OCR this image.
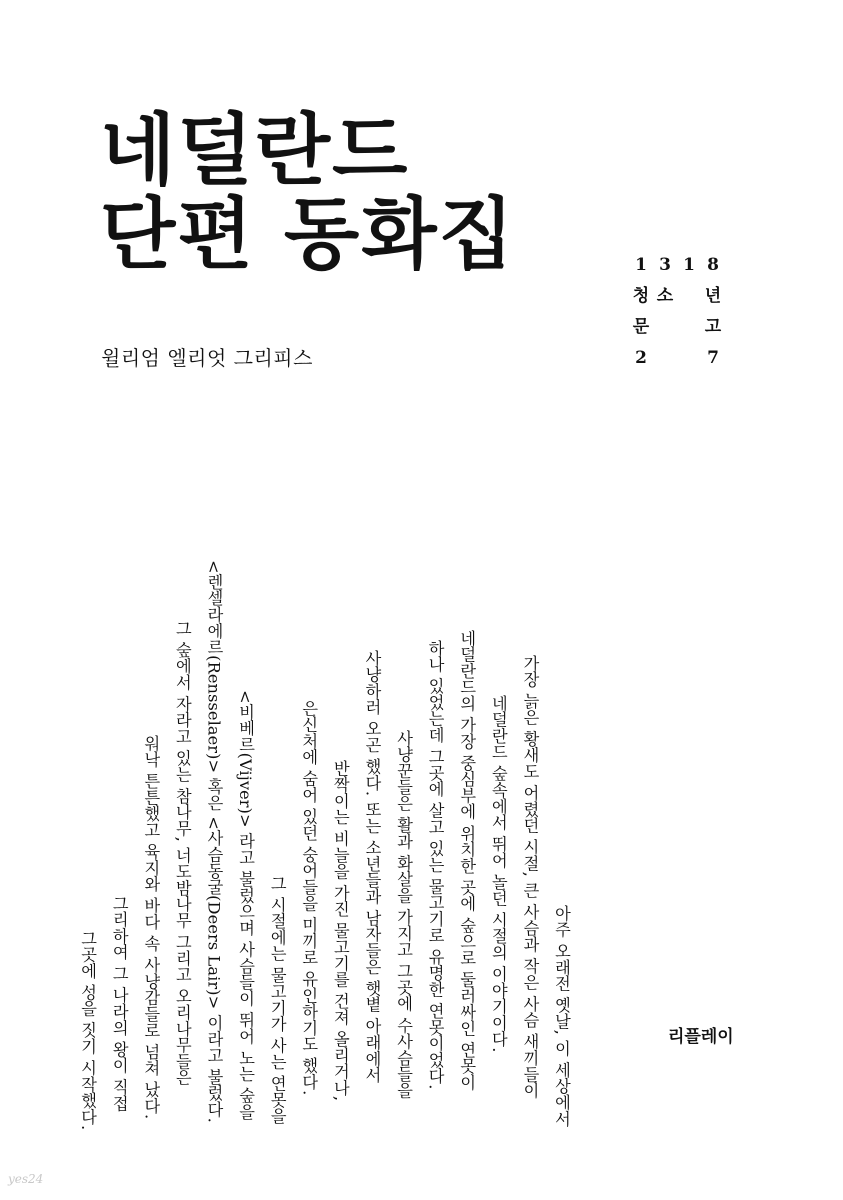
네덜란드
단편 동화집
윌리엄 엘리엇 그리피스
1 3 1 8
청 소 년
문	고
2	7
아주 오래전 옛날, 이 세상에서
가장 늙은 황새도 어렸던 시절, 큰 사슴과 작은 사슴 새끼들이
네덜란드 숲속에서 뛰어 놀던 시절의 이야기이다.
네덜란드의 가장 중심부에 위치한 곳에 숲으로 둘러싸인 연못이
하나 있었는데 그곳에 살고 있는 물고기로 유명한 연못이었다.
사냥꾼들은 활과 화살을 가지고 그곳에 수사슴들을
사냥하러 오곤 했다. 또는 소년들과 남자들은 햇볕 아래에서
반짝이는 비늘을 가진 물고기를 건져 올리거나,
은신처에 숨어 있던 숭어들을 미끼로 유인하기도 했다.
그 시절에는 물고기가 사는 연못을
<비베르(Vijver)> 라고 불렀으며 사슴들이 뛰어 노는 숲을
<렌셀라에르(Rensselaer)> 혹은 <사슴동굴(Deers Lair)> 이라고 불렀다.
그 숲에서 자라고 있는 참나무, 너도밤나무 그리고 오리나무들은
워낙 튼튼했고 육지와 바다 속 사냥감들로 넘쳐 났다.
그리하여 그 나라의 왕이 직접
그곳에 성을 짓기 시작했다.	리플레이
yes24
